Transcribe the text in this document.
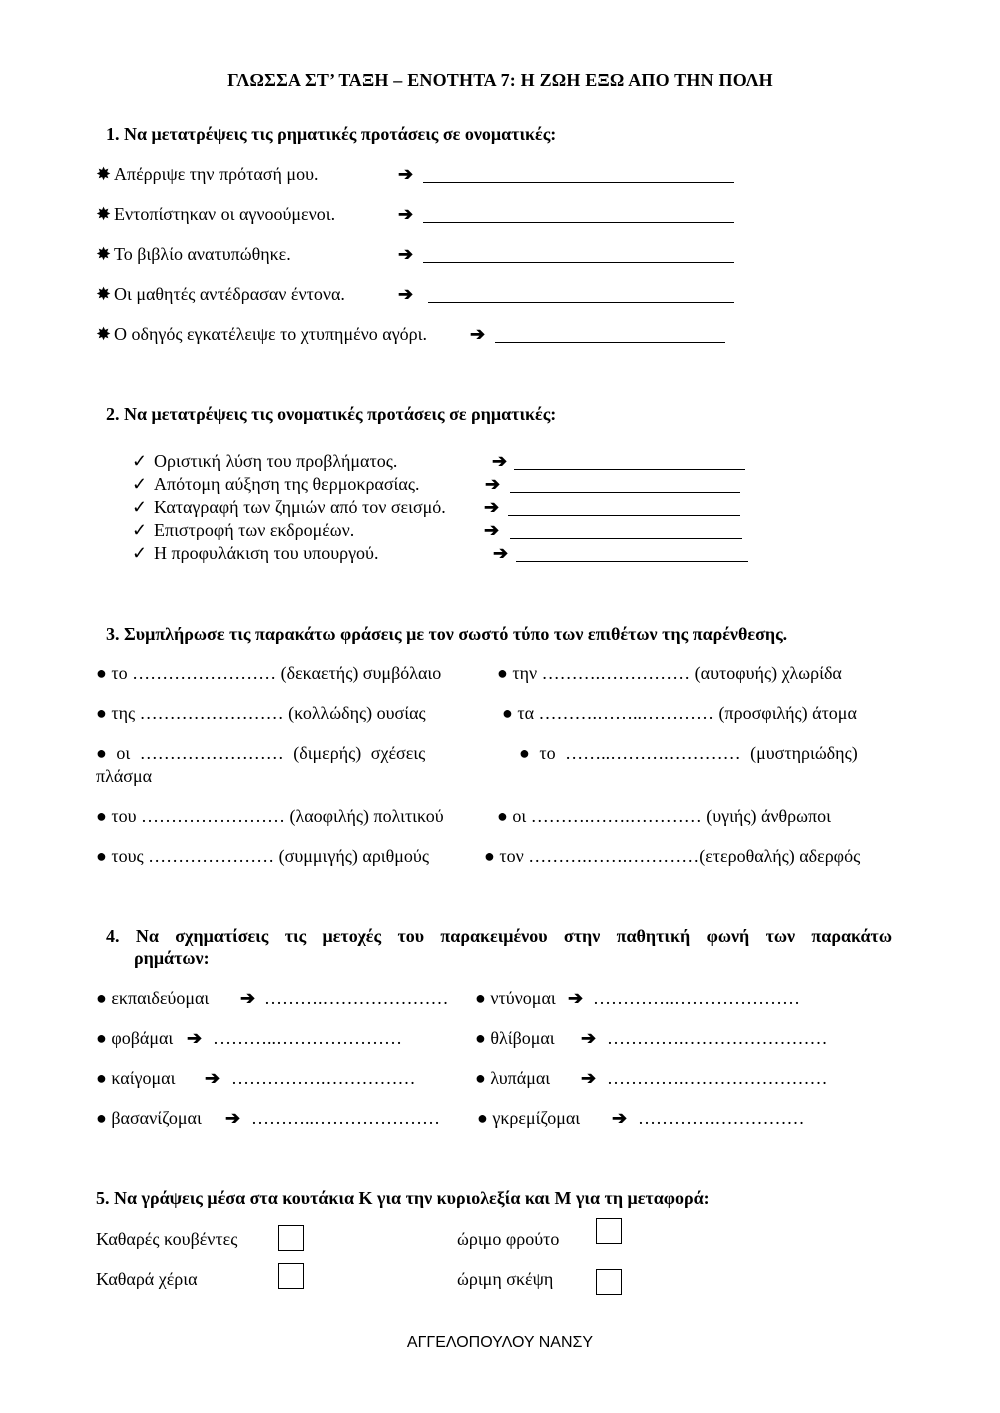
ΓΛΩΣΣΑ ΣΤ’ ΤΑΞΗ – ΕΝΟΤΗΤΑ 7: Η ΖΩΗ ΕΞΩ ΑΠΟ ΤΗΝ ΠΟΛΗ
1. Να μετατρέψεις τις ρηματικές προτάσεις σε ονοματικές:
✸ Απέρριψε την πρότασή μου.	➔
✸ Εντοπίστηκαν οι αγνοούμενοι.	➔
✸ Το βιβλίο ανατυπώθηκε.	➔
✸ Οι μαθητές αντέδρασαν έντονα.	➔
✸ Ο οδηγός εγκατέλειψε το χτυπημένο αγόρι. ➔
2. Να μετατρέψεις τις ονοματικές προτάσεις σε ρηματικές:
✓ Οριστική λύση του προβλήματος.	➔
✓ Απότομη αύξηση της θερμοκρασίας.	➔
✓ Καταγραφή των ζημιών από τον σεισμό. ➔
✓ Επιστροφή των εκδρομέων.	➔
✓ Η προφυλάκιση του υπουργού.	➔
3. Συμπλήρωσε τις παρακάτω φράσεις με τον σωστό τύπο των επιθέτων της παρένθεσης.
● το …………………… (δεκαετής) συμβόλαιο	● την ……….…………… (αυτοφυής) χλωρίδα
● της …………………… (κολλώδης) ουσίας	● τα ……….……..………… (προσφιλής) άτομα
● οι …………………… (διμερής) σχέσεις	● το ……..……….………… (μυστηριώδης)
πλάσμα
● του …………………… (λαοφιλής) πολιτικού	● οι ……….…….………… (υγιής) άνθρωποι
● τους ………………… (συμμιγής) αριθμούς	● τον ……….…….…………(ετεροθαλής) αδερφός
4. Να σχηματίσεις τις μετοχές του παρακειμένου στην παθητική φωνή των παρακάτω
ρημάτων:
● εκπαιδεύομαι ➔ ……….………………… ● ντύνομαι ➔ …………..…………………
● φοβάμαι ➔ ………..…………………	● θλίβομαι ➔ ………….……………………
● καίγομαι ➔ …………….……………	● λυπάμαι ➔ ………….……………………
● βασανίζομαι ➔ ………..………………… ● γκρεμίζομαι ➔ ………….……………
5. Να γράψεις μέσα στα κουτάκια Κ για την κυριολεξία και Μ για τη μεταφορά:
Καθαρές κουβέντες	ώριμο φρούτο
Καθαρά χέρια	ώριμη σκέψη
ΑΓΓΕΛΟΠΟΥΛΟΥ ΝΑΝΣΥ
